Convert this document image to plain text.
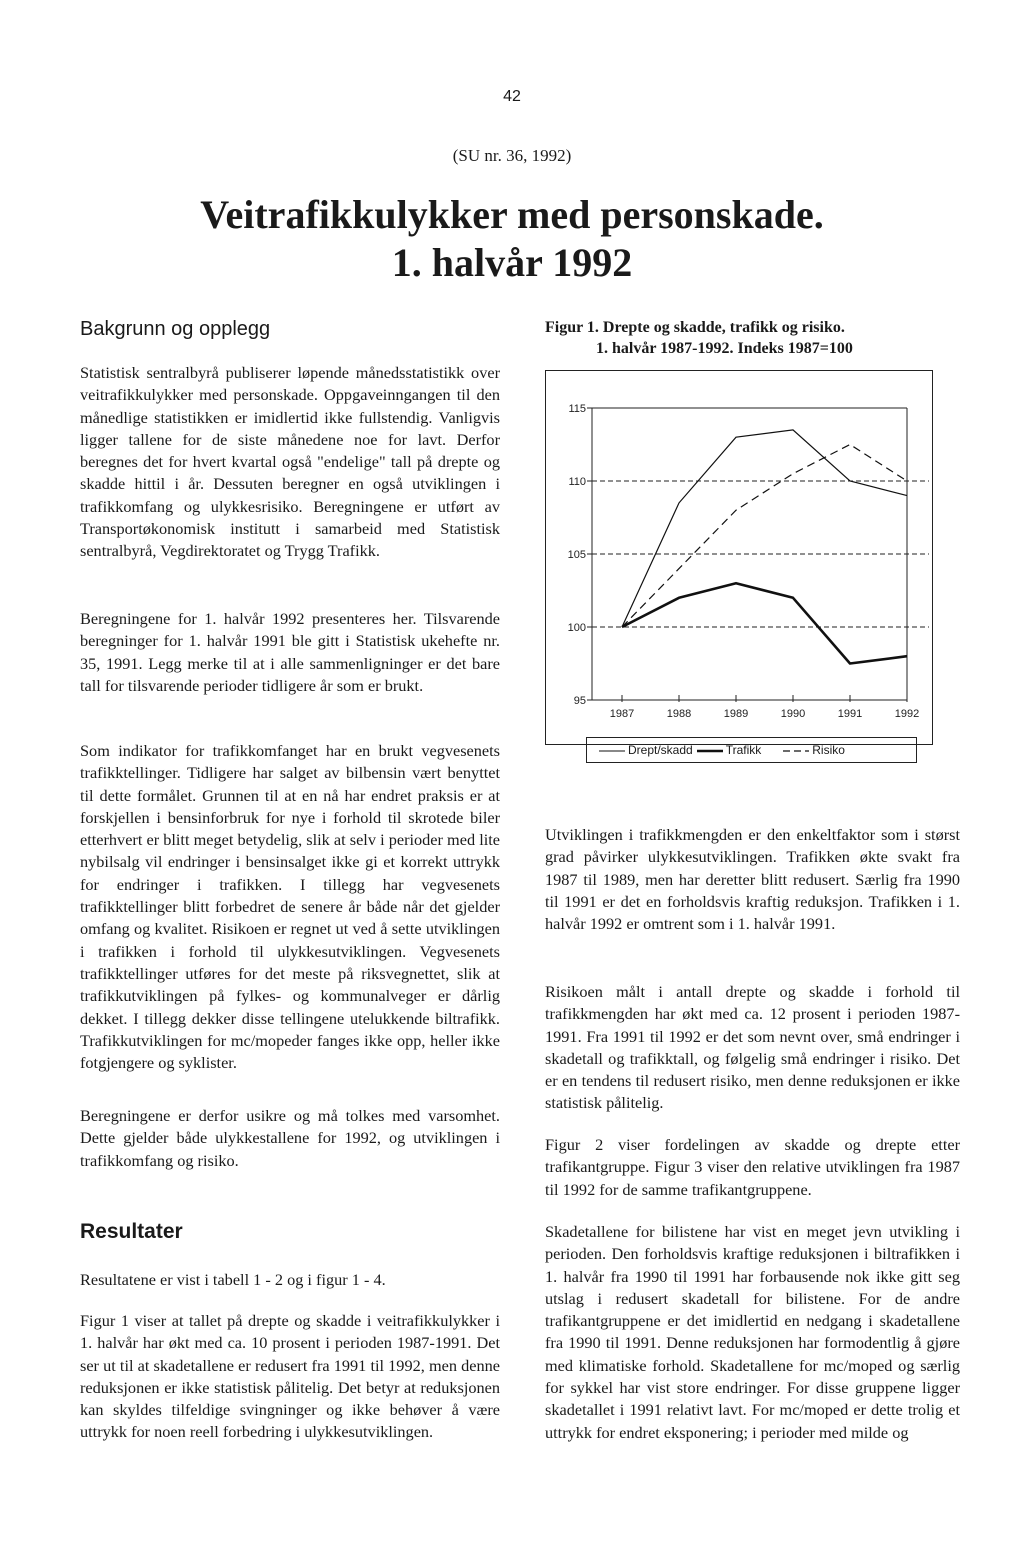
42
(SU nr. 36, 1992)
Veitrafikkulykker med personskade.
1. halvår 1992
Bakgrunn og opplegg

Statistisk sentralbyrå publiserer løpende månedsstatistikk over veitrafikkulykker med personskade. Oppgaveinngangen til den månedlige statistikken er imidlertid ikke fullstendig. Vanligvis ligger tallene for de siste månedene noe for lavt. Derfor beregnes det for hvert kvartal også "endelige" tall på drepte og skadde hittil i år. Dessuten beregner en også utviklingen i trafikkomfang og ulykkesrisiko. Beregningene er utført av Transportøkonomisk institutt i samarbeid med Statistisk sentralbyrå, Vegdirektoratet og Trygg Trafikk.

Beregningene for 1. halvår 1992 presenteres her. Tilsvarende beregninger for 1. halvår 1991 ble gitt i Statistisk ukehefte nr. 35, 1991. Legg merke til at i alle sammenligninger er det bare tall for tilsvarende perioder tidligere år som er brukt.

Som indikator for trafikkomfanget har en brukt vegvesenets trafikktellinger. Tidligere har salget av bilbensin vært benyttet til dette formålet. Grunnen til at en nå har endret praksis er at forskjellen i bensinforbruk for nye i forhold til skrotede biler etterhvert er blitt meget betydelig, slik at selv i perioder med lite nybilsalg vil endringer i bensinsalget ikke gi et korrekt uttrykk for endringer i trafikken. I tillegg har vegvesenets trafikktellinger blitt forbedret de senere år både når det gjelder omfang og kvalitet. Risikoen er regnet ut ved å sette utviklingen i trafikken i forhold til ulykkesutviklingen. Vegvesenets trafikktellinger utføres for det meste på riksvegnettet, slik at trafikkutviklingen på fylkes- og kommunalveger er dårlig dekket. I tillegg dekker disse tellingene utelukkende biltrafikk. Trafikkutviklingen for mc/mopeder fanges ikke opp, heller ikke fotgjengere og syklister.

Beregningene er derfor usikre og må tolkes med varsomhet. Dette gjelder både ulykkestallene for 1992, og utviklingen i trafikkomfang og risiko.

Resultater

Resultatene er vist i tabell 1 - 2 og i figur 1 - 4.

Figur 1 viser at tallet på drepte og skadde i veitrafikkulykker i 1. halvår har økt med ca. 10 prosent i perioden 1987-1991. Det ser ut til at skadetallene er redusert fra 1991 til 1992, men denne reduksjonen er ikke statistisk pålitelig. Det betyr at reduksjonen kan skyldes tilfeldige svingninger og ikke behøver å være uttrykk for noen reell forbedring i ulykkesutviklingen.

Figur 1. Drepte og skadde, trafikk og risiko.
1. halvår 1987-1992. Indeks 1987=100
95
100
105
110
115
1987	1988	1989	1990	1991	1992
Drept/skadd	Trafikk	Risiko

Utviklingen i trafikkmengden er den enkeltfaktor som i størst grad påvirker ulykkesutviklingen. Trafikken økte svakt fra 1987 til 1989, men har deretter blitt redusert. Særlig fra 1990 til 1991 er det en forholdsvis kraftig reduksjon. Trafikken i 1. halvår 1992 er omtrent som i 1. halvår 1991.

Risikoen målt i antall drepte og skadde i forhold til trafikkmengden har økt med ca. 12 prosent i perioden 1987-1991. Fra 1991 til 1992 er det som nevnt over, små endringer i skadetall og trafikktall, og følgelig små endringer i risiko. Det er en tendens til redusert risiko, men denne reduksjonen er ikke statistisk pålitelig.

Figur 2 viser fordelingen av skadde og drepte etter trafikantgruppe. Figur 3 viser den relative utviklingen fra 1987 til 1992 for de samme trafikantgruppene.

Skadetallene for bilistene har vist en meget jevn utvikling i perioden. Den forholdsvis kraftige reduksjonen i biltrafikken i 1. halvår fra 1990 til 1991 har forbausende nok ikke gitt seg utslag i redusert skadetall for bilistene. For de andre trafikantgruppene er det imidlertid en nedgang i skadetallene fra 1990 til 1991. Denne reduksjonen har formodentlig å gjøre med klimatiske forhold. Skadetallene for mc/moped og særlig for sykkel har vist store endringer. For disse gruppene ligger skadetallet i 1991 relativt lavt. For mc/moped er dette trolig et uttrykk for endret eksponering; i perioder med milde og
